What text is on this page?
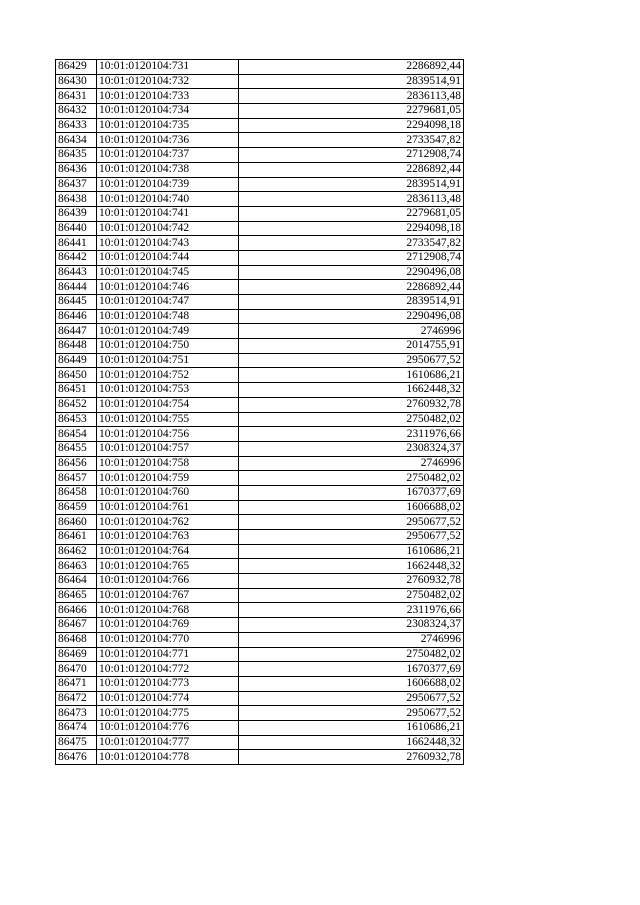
86429	10:01:0120104:731	2286892,44
86430	10:01:0120104:732	2839514,91
86431	10:01:0120104:733	2836113,48
86432	10:01:0120104:734	2279681,05
86433	10:01:0120104:735	2294098,18
86434	10:01:0120104:736	2733547,82
86435	10:01:0120104:737	2712908,74
86436	10:01:0120104:738	2286892,44
86437	10:01:0120104:739	2839514,91
86438	10:01:0120104:740	2836113,48
86439	10:01:0120104:741	2279681,05
86440	10:01:0120104:742	2294098,18
86441	10:01:0120104:743	2733547,82
86442	10:01:0120104:744	2712908,74
86443	10:01:0120104:745	2290496,08
86444	10:01:0120104:746	2286892,44
86445	10:01:0120104:747	2839514,91
86446	10:01:0120104:748	2290496,08
86447	10:01:0120104:749	2746996
86448	10:01:0120104:750	2014755,91
86449	10:01:0120104:751	2950677,52
86450	10:01:0120104:752	1610686,21
86451	10:01:0120104:753	1662448,32
86452	10:01:0120104:754	2760932,78
86453	10:01:0120104:755	2750482,02
86454	10:01:0120104:756	2311976,66
86455	10:01:0120104:757	2308324,37
86456	10:01:0120104:758	2746996
86457	10:01:0120104:759	2750482,02
86458	10:01:0120104:760	1670377,69
86459	10:01:0120104:761	1606688,02
86460	10:01:0120104:762	2950677,52
86461	10:01:0120104:763	2950677,52
86462	10:01:0120104:764	1610686,21
86463	10:01:0120104:765	1662448,32
86464	10:01:0120104:766	2760932,78
86465	10:01:0120104:767	2750482,02
86466	10:01:0120104:768	2311976,66
86467	10:01:0120104:769	2308324,37
86468	10:01:0120104:770	2746996
86469	10:01:0120104:771	2750482,02
86470	10:01:0120104:772	1670377,69
86471	10:01:0120104:773	1606688,02
86472	10:01:0120104:774	2950677,52
86473	10:01:0120104:775	2950677,52
86474	10:01:0120104:776	1610686,21
86475	10:01:0120104:777	1662448,32
86476	10:01:0120104:778	2760932,78
